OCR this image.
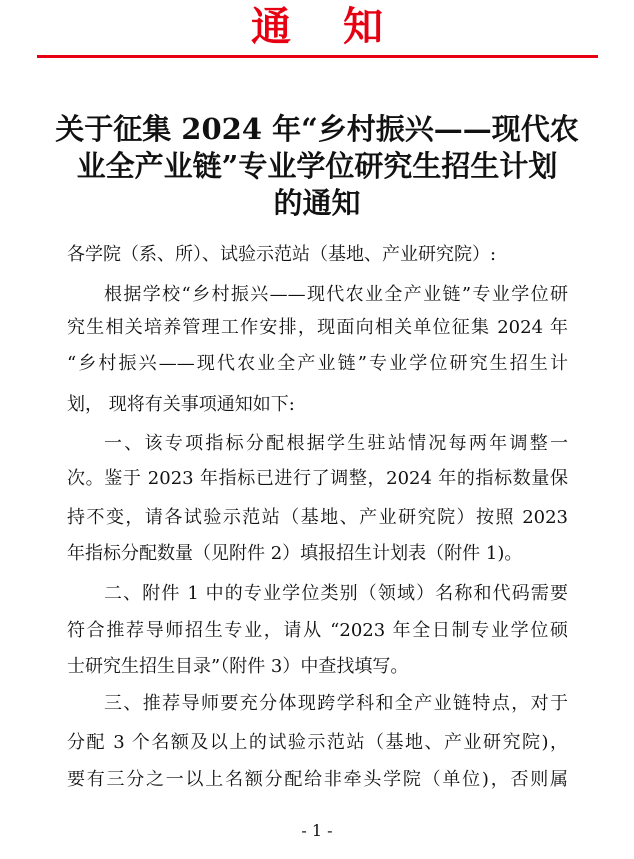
通知
关于征集 2024 年“乡村振兴——现代农
业全产业链”专业学位研究生招生计划
的通知
各学院（系、所）、试验示范站（基地、产业研究院）:
根据学校“乡村振兴——现代农业全产业链”专业学位研
究生相关培养管理工作安排，现面向相关单位征集 2024 年
“乡村振兴——现代农业全产业链”专业学位研究生招生计
划， 现将有关事项通知如下:
一、该专项指标分配根据学生驻站情况每两年调整一
次。鉴于 2023 年指标已进行了调整，2024 年的指标数量保
持不变，请各试验示范站（基地、产业研究院）按照 2023
年指标分配数量（见附件 2）填报招生计划表（附件 1)。
二、附件 1 中的专业学位类别（领域）名称和代码需要
符合推荐导师招生专业，请从 “2023 年全日制专业学位硕
士研究生招生目录”（附件 3）中查找填写。
三、推荐导师要充分体现跨学科和全产业链特点，对于
分配 3 个名额及以上的试验示范站（基地、产业研究院)，
要有三分之一以上名额分配给非牵头学院（单位)，否则属
- 1 -
